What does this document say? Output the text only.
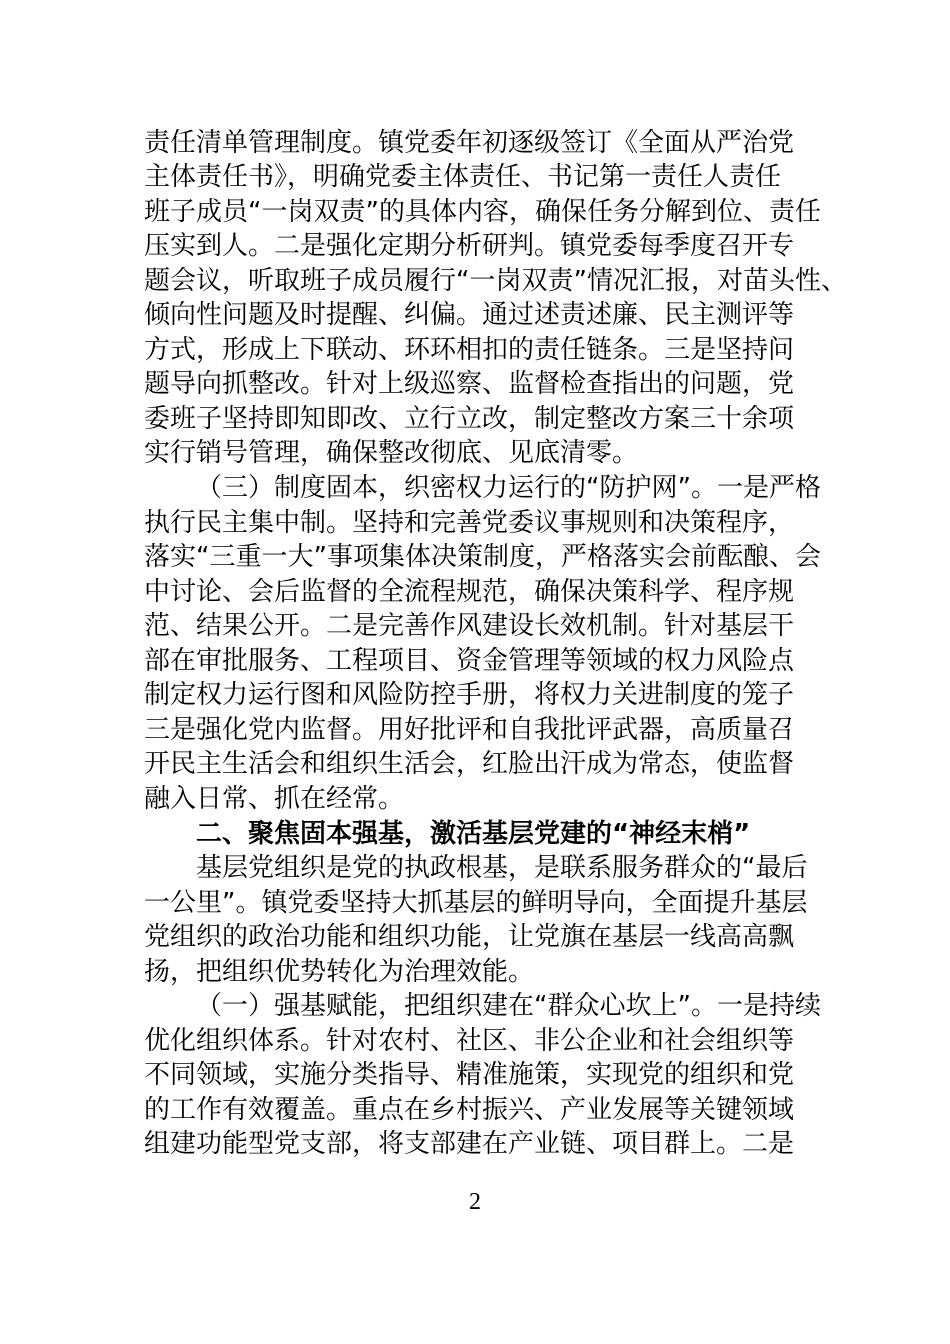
责任清单管理制度。镇党委年初逐级签订《全面从严治党
主体责任书》，明确党委主体责任、书记第一责任人责任
班子成员“一岗双责”的具体内容，确保任务分解到位、责任
压实到人。二是强化定期分析研判。镇党委每季度召开专
题会议，听取班子成员履行“一岗双责”情况汇报，对苗头性、
倾向性问题及时提醒、纠偏。通过述责述廉、民主测评等
方式，形成上下联动、环环相扣的责任链条。三是坚持问
题导向抓整改。针对上级巡察、监督检查指出的问题，党
委班子坚持即知即改、立行立改，制定整改方案三十余项
实行销号管理，确保整改彻底、见底清零。
（三）制度固本，织密权力运行的“防护网”。一是严格
执行民主集中制。坚持和完善党委议事规则和决策程序，
落实“三重一大”事项集体决策制度，严格落实会前酝酿、会
中讨论、会后监督的全流程规范，确保决策科学、程序规
范、结果公开。二是完善作风建设长效机制。针对基层干
部在审批服务、工程项目、资金管理等领域的权力风险点
制定权力运行图和风险防控手册，将权力关进制度的笼子
三是强化党内监督。用好批评和自我批评武器，高质量召
开民主生活会和组织生活会，红脸出汗成为常态，使监督
融入日常、抓在经常。
二、聚焦固本强基，激活基层党建的“神经末梢”
基层党组织是党的执政根基，是联系服务群众的“最后
一公里”。镇党委坚持大抓基层的鲜明导向，全面提升基层
党组织的政治功能和组织功能，让党旗在基层一线高高飘
扬，把组织优势转化为治理效能。
（一）强基赋能，把组织建在“群众心坎上”。一是持续
优化组织体系。针对农村、社区、非公企业和社会组织等
不同领域，实施分类指导、精准施策，实现党的组织和党
的工作有效覆盖。重点在乡村振兴、产业发展等关键领域
组建功能型党支部，将支部建在产业链、项目群上。二是
2
